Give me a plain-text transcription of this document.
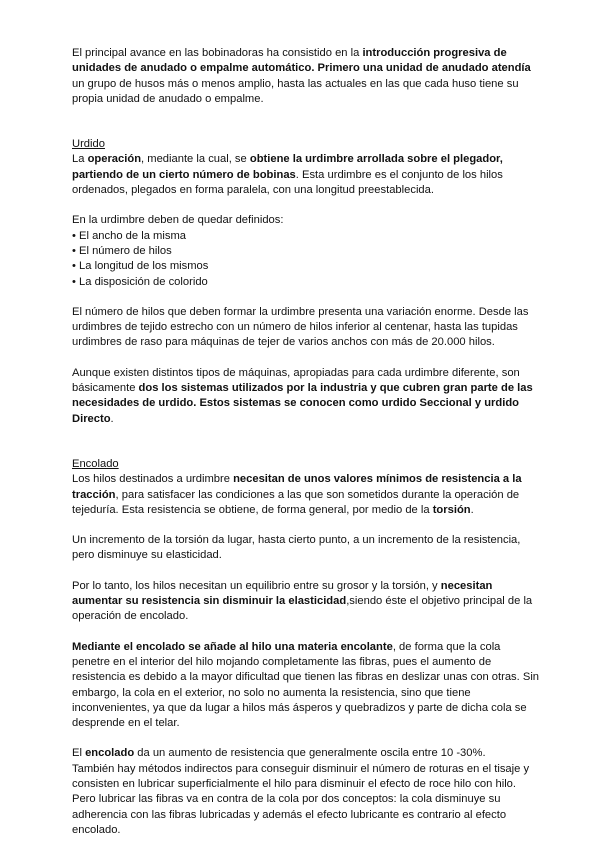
El principal avance en las bobinadoras ha consistido en la introducción progresiva de unidades de anudado o empalme automático. Primero una unidad de anudado atendía un grupo de husos más o menos amplio, hasta las actuales en las que cada huso tiene su propia unidad de anudado o empalme.

Urdido

La operación, mediante la cual, se obtiene la urdimbre arrollada sobre el plegador, partiendo de un cierto número de bobinas. Esta urdimbre es el conjunto de los hilos ordenados, plegados en forma paralela, con una longitud preestablecida.

En la urdimbre deben de quedar definidos:

• El ancho de la misma
• El número de hilos
• La longitud de los mismos
• La disposición de colorido

El número de hilos que deben formar la urdimbre presenta una variación enorme. Desde las urdimbres de tejido estrecho con un número de hilos inferior al centenar, hasta las tupidas urdimbres de raso para máquinas de tejer de varios anchos con más de 20.000 hilos.

Aunque existen distintos tipos de máquinas, apropiadas para cada urdimbre diferente, son básicamente dos los sistemas utilizados por la industria y que cubren gran parte de las necesidades de urdido. Estos sistemas se conocen como urdido Seccional y urdido Directo.

Encolado

Los hilos destinados a urdimbre necesitan de unos valores mínimos de resistencia a la tracción, para satisfacer las condiciones a las que son sometidos durante la operación de tejeduría. Esta resistencia se obtiene, de forma general, por medio de la torsión.

Un incremento de la torsión da lugar, hasta cierto punto, a un incremento de la resistencia, pero disminuye su elasticidad.

Por lo tanto, los hilos necesitan un equilibrio entre su grosor y la torsión, y necesitan aumentar su resistencia sin disminuir la elasticidad,siendo éste el objetivo principal de la operación de encolado.

Mediante el encolado se añade al hilo una materia encolante, de forma que la cola penetre en el interior del hilo mojando completamente las fibras, pues el aumento de resistencia es debido a la mayor dificultad que tienen las fibras en deslizar unas con otras. Sin embargo, la cola en el exterior, no solo no aumenta la resistencia, sino que tiene inconvenientes, ya que da lugar a hilos más ásperos y quebradizos y parte de dicha cola se desprende en el telar.

El encolado da un aumento de resistencia que generalmente oscila entre 10 -30%.

También hay métodos indirectos para conseguir disminuir el número de roturas en el tisaje y consisten en lubricar superficialmente el hilo para disminuir el efecto de roce hilo con hilo. Pero lubricar las fibras va en contra de la cola por dos conceptos: la cola disminuye su adherencia con las fibras lubricadas y además el efecto lubricante es contrario al efecto encolado.
